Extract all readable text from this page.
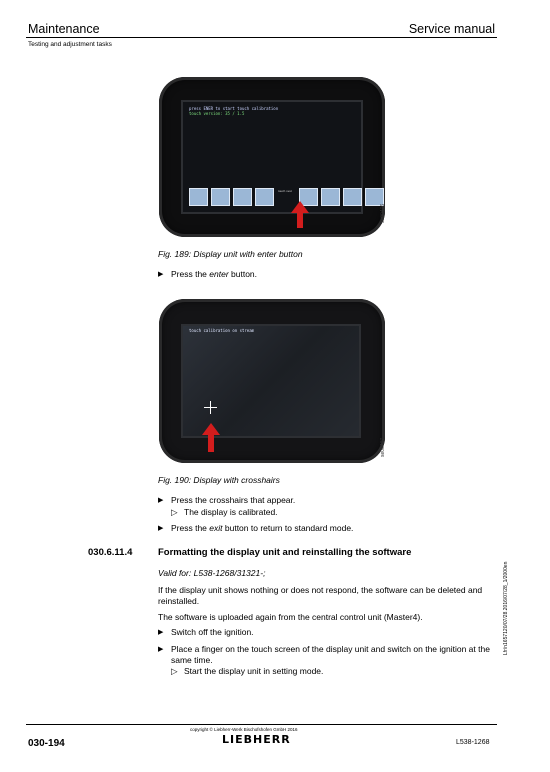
Maintenance	Service manual
Testing and adjustment tasks
press ENER to start touch calibration
touch version: 35 / 1.5
touch next
se00406
Fig. 189: Display unit with enter button
▶ Press the enter button.
touch calibration on stream
se00407
Fig. 190: Display with crosshairs
▶ Press the crosshairs that appear.
▷ The display is calibrated.
▶ Press the exit button to return to standard mode.
030.6.11.4	Formatting the display unit and reinstalling the software
Valid for: L538-1268/31321-;
If the display unit shows nothing or does not respond, the software can be deleted and reinstalled.
The software is uploaded again from the central control unit (Master4).
▶ Switch off the ignition.
▶ Place a finger on the touch screen of the display unit and switch on the ignition at the same time.
▷ Start the display unit in setting mode.
Lfr/n1657120/07/28.2016/07/28_1/2000en
copyright © Liebherr-Werk Bischofshofen GmbH 2016
LIEBHERR
030-194	L538-1268
